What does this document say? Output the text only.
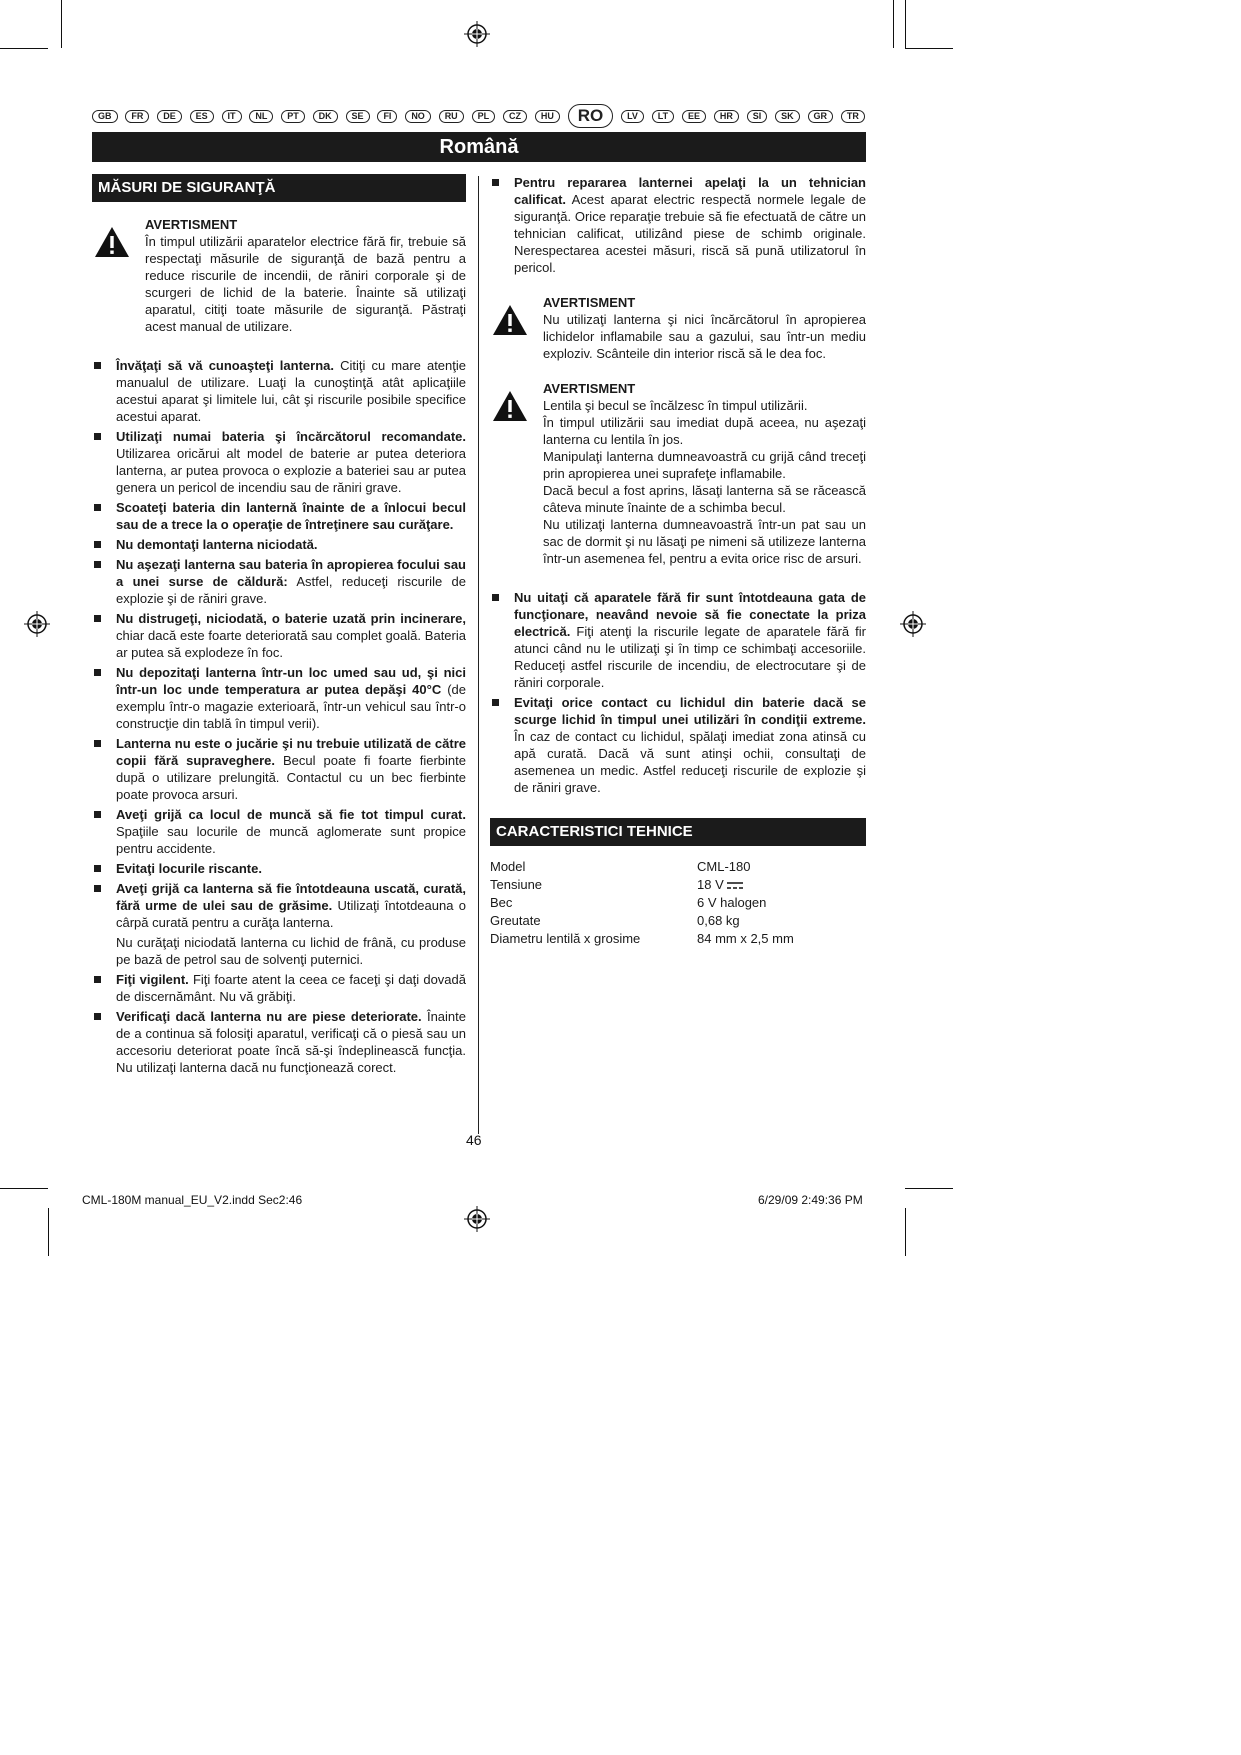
GB	FR	DE	ES	IT	NL	PT	DK	SE	FI	NO	RU	PL	CZ	HU	RO	LV	LT	EE	HR	SI	SK	GR	TR
Română
MĂSURI DE SIGURANŢĂ
AVERTISMENT

În timpul utilizării aparatelor electrice fără fir, trebuie să respectaţi măsurile de siguranţă de bază pentru a reduce riscurile de incendii, de răniri corporale şi de scurgeri de lichid de la baterie. Înainte să utilizaţi aparatul, citiţi toate măsurile de siguranţă. Păstraţi acest manual de utilizare.

Învăţaţi să vă cunoaşteţi lanterna. Citiţi cu mare atenţie manualul de utilizare. Luaţi la cunoştinţă atât aplicaţiile acestui aparat şi limitele lui, cât şi riscurile posibile specifice acestui aparat.
Utilizaţi numai bateria şi încărcătorul recomandate. Utilizarea oricărui alt model de baterie ar putea deteriora lanterna, ar putea provoca o explozie a bateriei sau ar putea genera un pericol de incendiu sau de răniri grave.
Scoateţi bateria din lanternă înainte de a înlocui becul sau de a trece la o operaţie de întreţinere sau curăţare.
Nu demontaţi lanterna niciodată.
Nu aşezaţi lanterna sau bateria în apropierea focului sau a unei surse de căldură: Astfel, reduceţi riscurile de explozie şi de răniri grave.
Nu distrugeţi, niciodată, o baterie uzată prin incinerare, chiar dacă este foarte deteriorată sau complet goală. Bateria ar putea să explodeze în foc.
Nu depozitaţi lanterna într-un loc umed sau ud, şi nici într-un loc unde temperatura ar putea depăşi 40°C (de exemplu într-o magazie exterioară, într-un vehicul sau într-o construcţie din tablă în timpul verii).
Lanterna nu este o jucărie şi nu trebuie utilizată de către copii fără supraveghere. Becul poate fi foarte fierbinte după o utilizare prelungită. Contactul cu un bec fierbinte poate provoca arsuri.
Aveţi grijă ca locul de muncă să fie tot timpul curat. Spaţiile sau locurile de muncă aglomerate sunt propice pentru accidente.
Evitaţi locurile riscante.
Aveţi grijă ca lanterna să fie întotdeauna uscată, curată, fără urme de ulei sau de grăsime. Utilizaţi întotdeauna o cârpă curată pentru a curăţa lanterna.
Nu curăţaţi niciodată lanterna cu lichid de frână, cu produse pe bază de petrol sau de solvenţi puternici.
Fiţi vigilent. Fiţi foarte atent la ceea ce faceţi şi daţi dovadă de discernământ. Nu vă grăbiţi.
Verificaţi dacă lanterna nu are piese deteriorate. Înainte de a continua să folosiţi aparatul, verificaţi că o piesă sau un accesoriu deteriorat poate încă să-şi îndeplinească funcţia. Nu utilizaţi lanterna dacă nu funcţionează corect.
Pentru repararea lanternei apelaţi la un tehnician calificat. Acest aparat electric respectă normele legale de siguranţă. Orice reparaţie trebuie să fie efectuată de către un tehnician calificat, utilizând piese de schimb originale. Nerespectarea acestei măsuri, riscă să pună utilizatorul în pericol.
AVERTISMENT

Nu utilizaţi lanterna şi nici încărcătorul în apropierea lichidelor inflamabile sau a gazului, sau într-un mediu exploziv. Scânteile din interior riscă să le dea foc.

AVERTISMENT

Lentila şi becul se încălzesc în timpul utilizării.

În timpul utilizării sau imediat după aceea, nu aşezaţi lanterna cu lentila în jos.

Manipulaţi lanterna dumneavoastră cu grijă când treceţi prin apropierea unei suprafeţe inflamabile.

Dacă becul a fost aprins, lăsaţi lanterna să se răcească câteva minute înainte de a schimba becul.

Nu utilizaţi lanterna dumneavoastră într-un pat sau un sac de dormit şi nu lăsaţi pe nimeni să utilizeze lanterna într-un asemenea fel, pentru a evita orice risc de arsuri.

Nu uitaţi că aparatele fără fir sunt întotdeauna gata de funcţionare, neavând nevoie să fie conectate la priza electrică. Fiţi atenţi la riscurile legate de aparatele fără fir atunci când nu le utilizaţi şi în timp ce schimbaţi accesoriile. Reduceţi astfel riscurile de incendiu, de electrocutare şi de răniri corporale.
Evitaţi orice contact cu lichidul din baterie dacă se scurge lichid în timpul unei utilizări în condiţii extreme. În caz de contact cu lichidul, spălaţi imediat zona atinsă cu apă curată. Dacă vă sunt atinşi ochii, consultaţi de asemenea un medic. Astfel reduceţi riscurile de explozie şi de răniri grave.
CARACTERISTICI TEHNICE
Model	CML-180
Tensiune	18 V
Bec	6 V halogen
Greutate	0,68 kg
Diametru lentilă x grosime	84 mm x 2,5 mm
46
CML-180M manual_EU_V2.indd Sec2:46	6/29/09 2:49:36 PM
